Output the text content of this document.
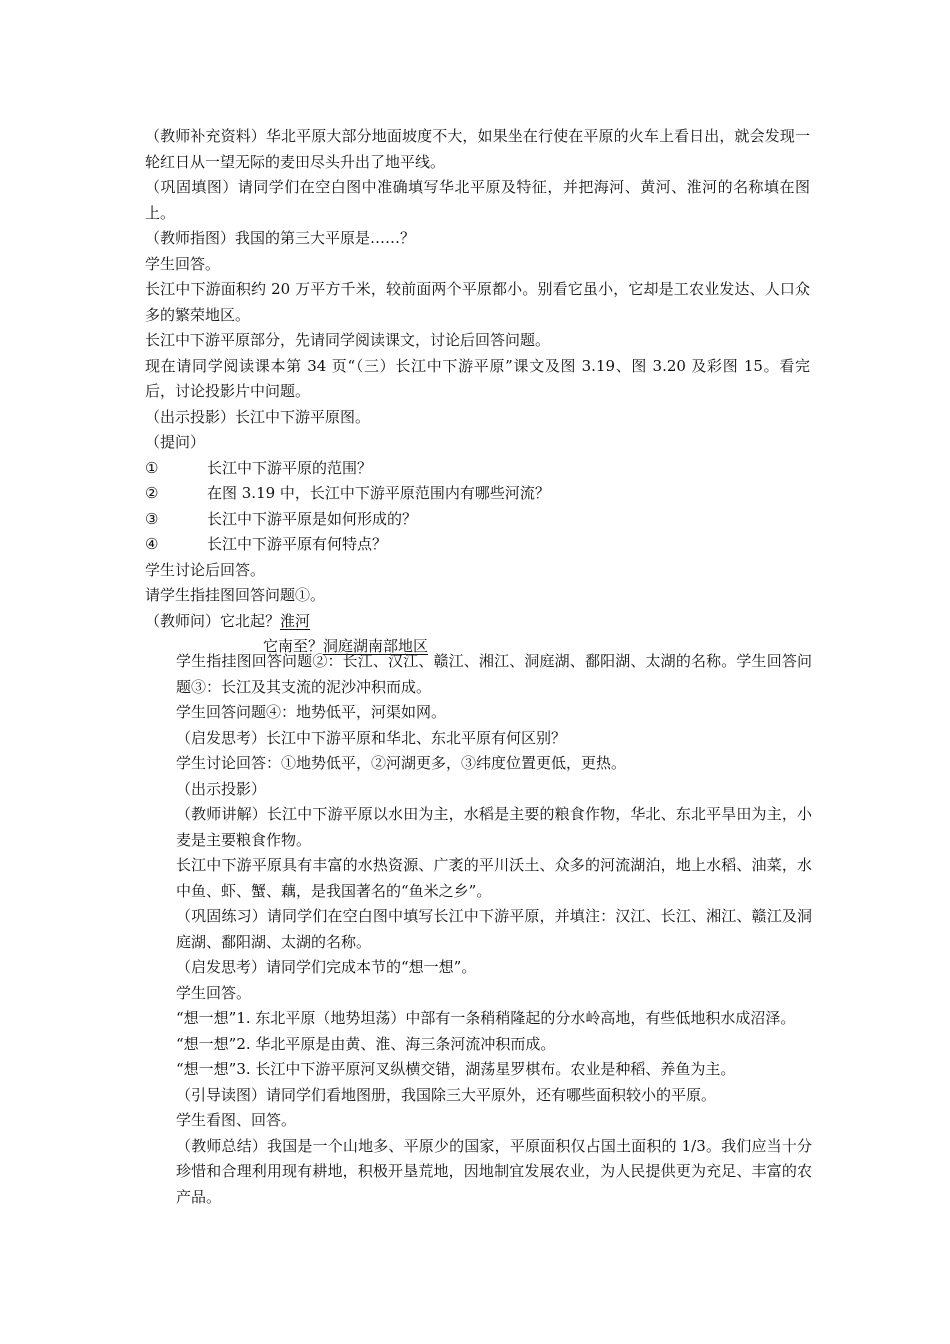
（教师补充资料）华北平原大部分地面坡度不大，如果坐在行使在平原的火车上看日出，就会发现一轮红日从一望无际的麦田尽头升出了地平线。

（巩固填图）请同学们在空白图中准确填写华北平原及特征，并把海河、黄河、淮河的名称填在图上。

（教师指图）我国的第三大平原是……？

学生回答。

长江中下游面积约 20 万平方千米，较前面两个平原都小。别看它虽小，它却是工农业发达、人口众多的繁荣地区。

长江中下游平原部分，先请同学阅读课文，讨论后回答问题。

现在请同学阅读课本第 34 页“（三）长江中下游平原”课文及图 3.19、图 3.20 及彩图 15。看完后，讨论投影片中问题。

（出示投影）长江中下游平原图。

（提问）

①	长江中下游平原的范围？
②	在图 3.19 中，长江中下游平原范围内有哪些河流？
③	长江中下游平原是如何形成的？
④	长江中下游平原有何特点？

学生讨论后回答。

请学生指挂图回答问题①。

（教师问）它北起？淮河

它南至？洞庭湖南部地区

学生指挂图回答问题②：长江、汉江、赣江、湘江、洞庭湖、鄱阳湖、太湖的名称。学生回答问题③：长江及其支流的泥沙冲积而成。

学生回答问题④：地势低平，河渠如网。

（启发思考）长江中下游平原和华北、东北平原有何区别？

学生讨论回答：①地势低平，②河湖更多，③纬度位置更低，更热。

（出示投影）

（教师讲解）长江中下游平原以水田为主，水稻是主要的粮食作物，华北、东北平旱田为主，小麦是主要粮食作物。

长江中下游平原具有丰富的水热资源、广袤的平川沃土、众多的河流湖泊，地上水稻、油菜，水中鱼、虾、蟹、藕，是我国著名的“鱼米之乡”。

（巩固练习）请同学们在空白图中填写长江中下游平原，并填注：汉江、长江、湘江、赣江及洞庭湖、鄱阳湖、太湖的名称。

（启发思考）请同学们完成本节的“想一想”。

学生回答。

“想一想”1. 东北平原（地势坦荡）中部有一条稍稍隆起的分水岭高地，有些低地积水成沼泽。

“想一想”2. 华北平原是由黄、淮、海三条河流冲积而成。

“想一想”3. 长江中下游平原河叉纵横交错，湖荡星罗棋布。农业是种稻、养鱼为主。

（引导读图）请同学们看地图册，我国除三大平原外，还有哪些面积较小的平原。

学生看图、回答。

（教师总结）我国是一个山地多、平原少的国家，平原面积仅占国土面积的 1/3。我们应当十分珍惜和合理利用现有耕地，积极开垦荒地，因地制宜发展农业，为人民提供更为充足、丰富的农产品。
